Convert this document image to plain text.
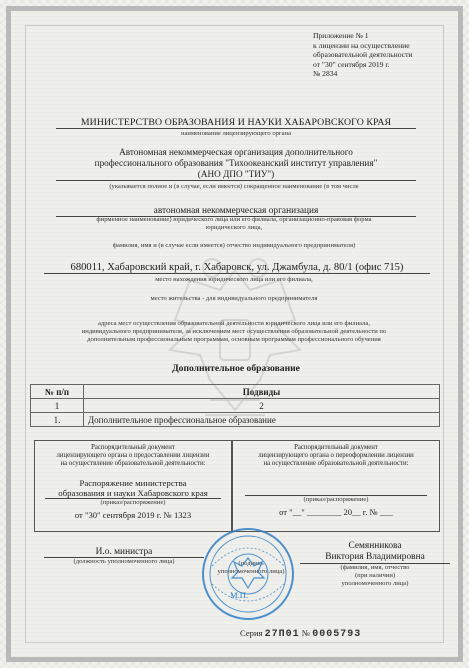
Приложение № 1
к лицензии на осуществление
образовательной деятельности
от "30" сентября 2019 г.
№ 2834
МИНИСТЕРСТВО ОБРАЗОВАНИЯ И НАУКИ ХАБАРОВСКОГО КРАЯ
наименование лицензирующего органа
Автономная некоммерческая организация дополнительного
профессионального образования "Тихоокеанский институт управления"
(АНО ДПО "ТИУ")
(указывается полное и (в случае, если имеется) сокращенное наименование (в том числе
автономная некоммерческая организация
фирменное наименование) юридического лица или его филиала, организационно-правовая форма
юридического лица,
фамилия, имя и (в случае если имеется) отчество индивидуального предпринимателя)
680011, Хабаровский край, г. Хабаровск, ул. Джамбула, д. 80/1 (офис 715)
место нахождения юридического лица или его филиала,
место жительства - для индивидуального предпринимателя
адреса мест осуществления образовательной деятельности юридического лица или его филиала,
индивидуального предпринимателя, за исключением мест осуществления образовательной деятельности по
дополнительным профессиональным программам, основным программам профессионального обучения
Дополнительное образование
№ п/п	Подвиды
1	2
1.	Дополнительное профессиональное образование
Распорядительный документ
лицензирующего органа о предоставлении лицензии
на осуществление образовательной деятельности:
Распоряжение министерства
образования и науки Хабаровского края
(приказ/распоряжение)
от "30" сентября 2019 г. № 1323
Распорядительный документ
лицензирующего органа о переоформлении лицензии
на осуществление образовательной деятельности:
(приказ/распоряжение)
от "__" ________ 20__ г. № ___
И.о. министра
(должность уполномоченного лица)	(подпись
уполномоченного лица)
Семянникова
Виктория Владимировна
(фамилия, имя, отчество
(при наличии)
уполномоченного лица)
М.П.
Серия 27П01 № 0005793
